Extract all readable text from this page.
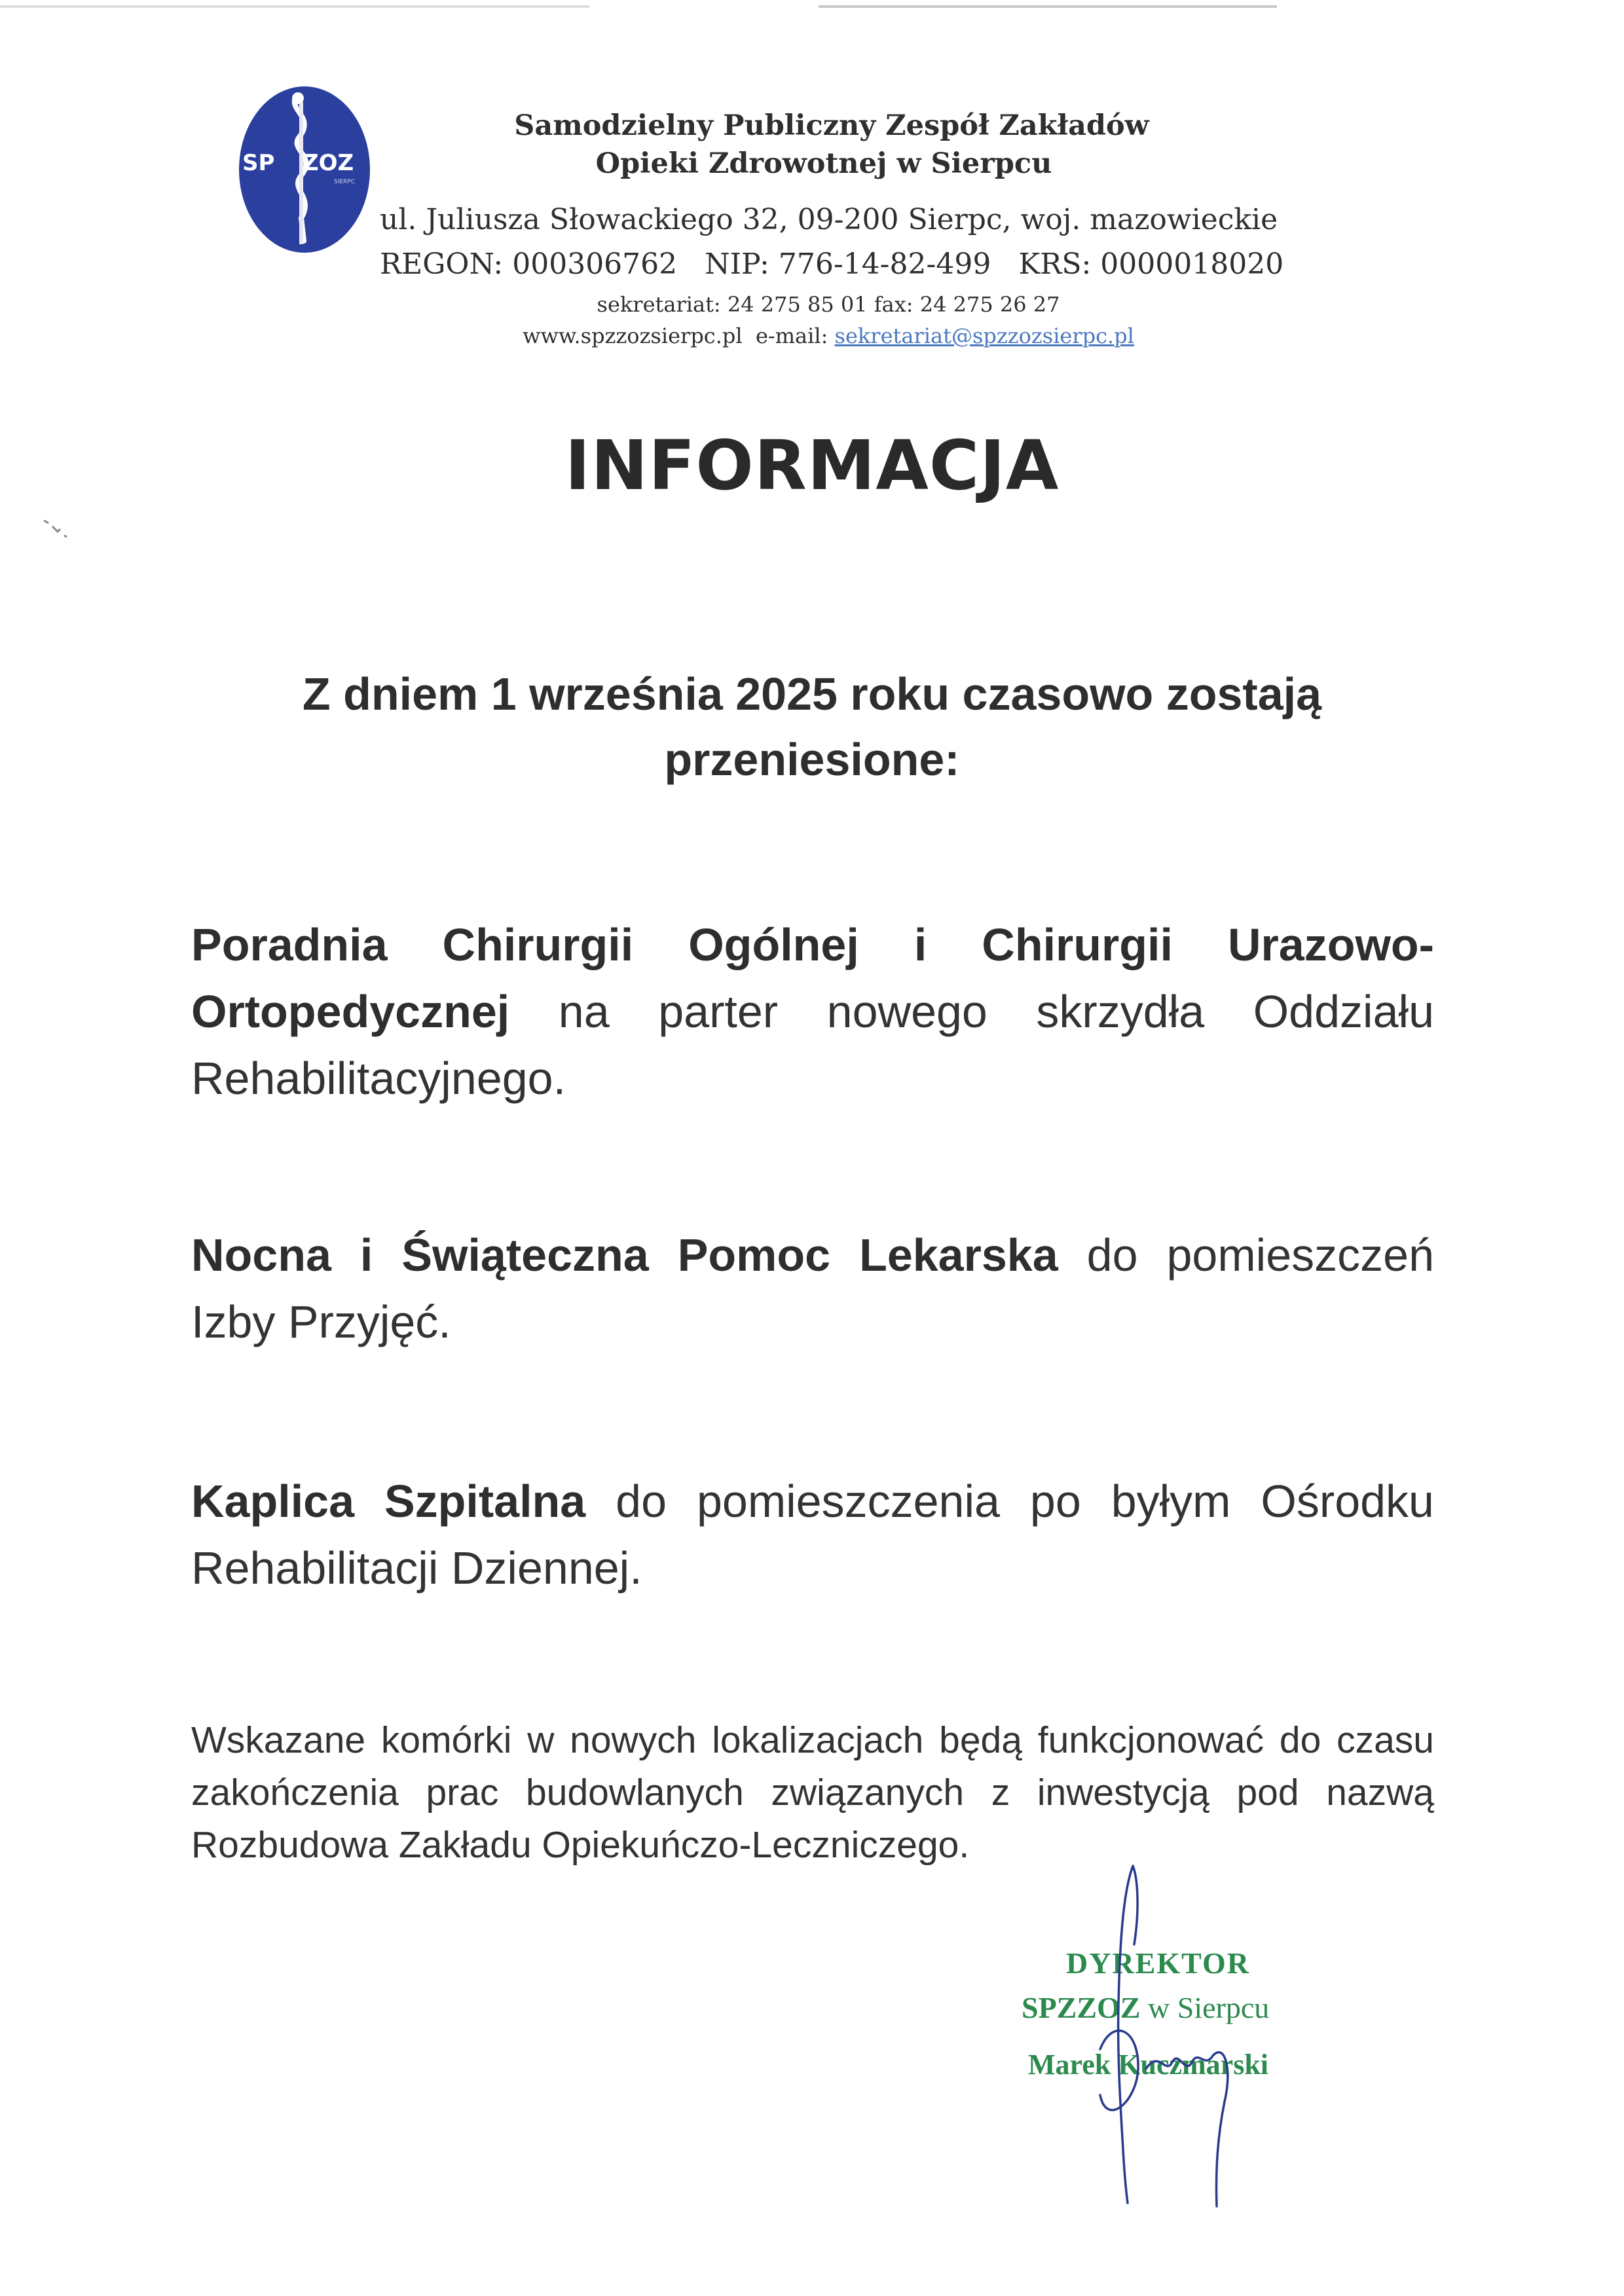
SP ZOZ
SIERPC
Samodzielny Publiczny Zespół Zakładów
Opieki Zdrowotnej w Sierpcu
ul. Juliusza Słowackiego 32, 09-200 Sierpc, woj. mazowieckie
REGON: 000306762   NIP: 776-14-82-499   KRS: 0000018020
sekretariat: 24 275 85 01 fax: 24 275 26 27
www.spzzozsierpc.pl  e-mail: sekretariat@spzzozsierpc.pl
INFORMACJA
Z dniem 1 września 2025 roku czasowo zostają
przeniesione:
Poradnia Chirurgii Ogólnej i Chirurgii Urazowo-Ortopedycznej na parter nowego skrzydła Oddziału Rehabilitacyjnego.
Nocna i Świąteczna Pomoc Lekarska do pomieszczeń Izby Przyjęć.
Kaplica Szpitalna do pomieszczenia po byłym Ośrodku Rehabilitacji Dziennej.
Wskazane komórki w nowych lokalizacjach będą funkcjonować do czasu zakończenia prac budowlanych związanych z inwestycją pod nazwą Rozbudowa Zakładu Opiekuńczo-Leczniczego.
DYREKTOR
SPZZOZ w Sierpcu
Marek Kuczmarski
